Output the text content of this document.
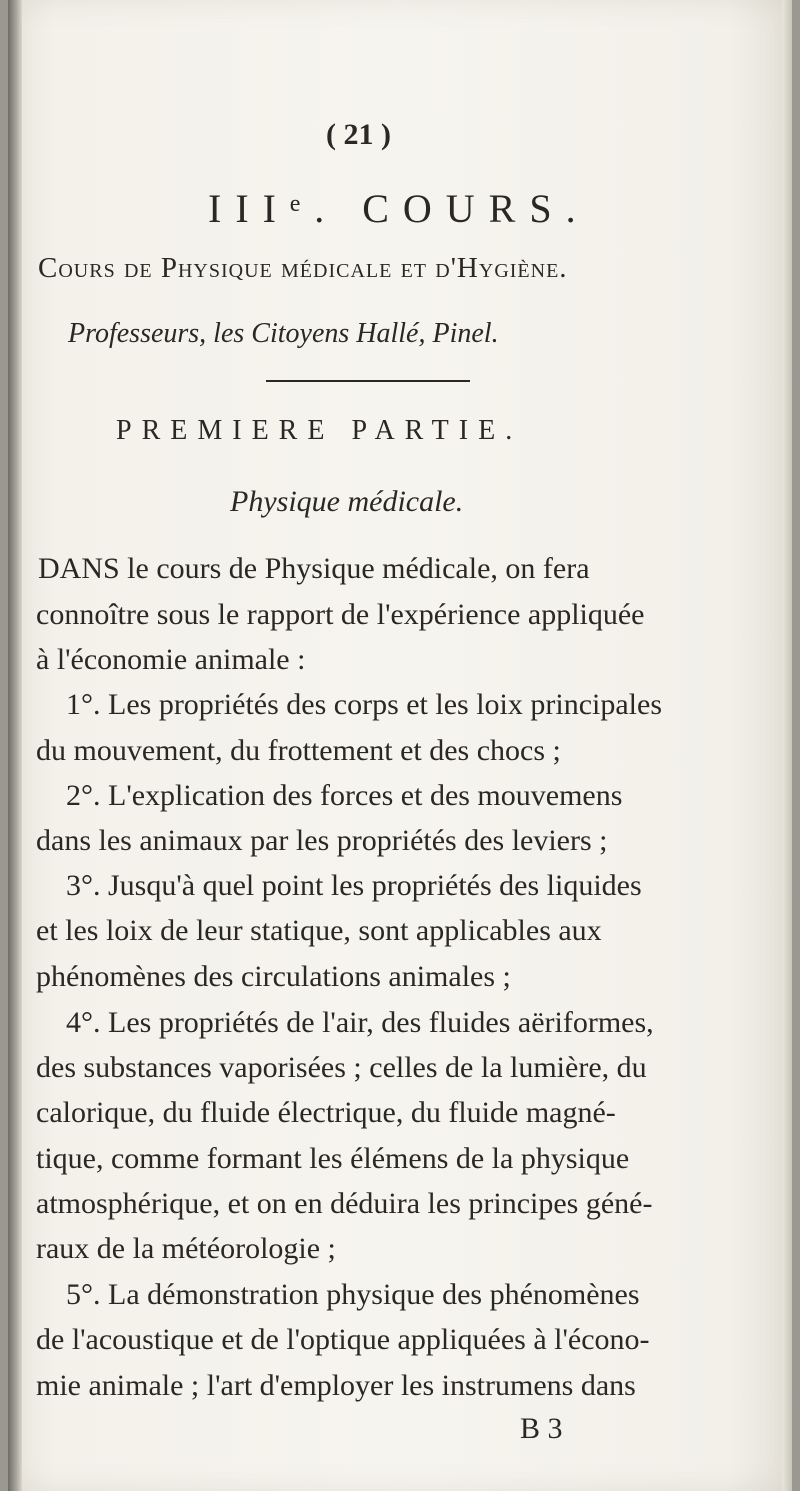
( 21 )
IIIᵉ. COURS.
Cours de Physique médicale et d'Hygiène.
Professeurs, les Citoyens Hallé, Pinel.
PREMIERE PARTIE.
Physique médicale.
DANS le cours de Physique médicale, on fera
connoître sous le rapport de l'expérience appliquée
à l'économie animale :
1°. Les propriétés des corps et les loix principales
du mouvement, du frottement et des chocs ;
2°. L'explication des forces et des mouvemens
dans les animaux par les propriétés des leviers ;
3°. Jusqu'à quel point les propriétés des liquides
et les loix de leur statique, sont applicables aux
phénomènes des circulations animales ;
4°. Les propriétés de l'air, des fluides aëriformes,
des substances vaporisées ; celles de la lumière, du
calorique, du fluide électrique, du fluide magné-
tique, comme formant les élémens de la physique
atmosphérique, et on en déduira les principes géné-
raux de la météorologie ;
5°. La démonstration physique des phénomènes
de l'acoustique et de l'optique appliquées à l'écono-
mie animale ; l'art d'employer les instrumens dans
B 3
